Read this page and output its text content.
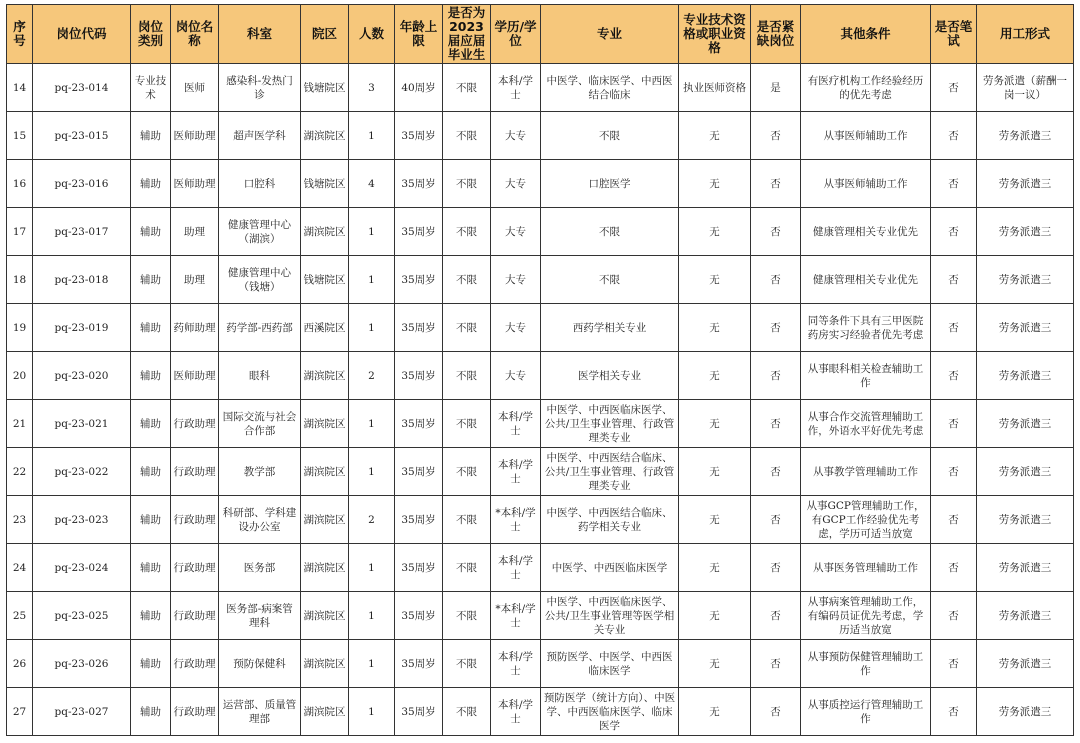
序号	岗位代码	岗位类别	岗位名称	科室	院区	人数	年龄上限	是否为2023届应届毕业生	学历/学位	专业	专业技术资格或职业资格	是否紧缺岗位	其他条件	是否笔试	用工形式
14	pq-23-014	专业技术	医师	感染科-发热门诊	钱塘院区	3	40周岁	不限	本科/学士	中医学、临床医学、中西医结合临床	执业医师资格	是	有医疗机构工作经验经历的优先考虑	否	劳务派遣（薪酬一岗一议）
15	pq-23-015	辅助	医师助理	超声医学科	湖滨院区	1	35周岁	不限	大专	不限	无	否	从事医师辅助工作	否	劳务派遣三
16	pq-23-016	辅助	医师助理	口腔科	钱塘院区	4	35周岁	不限	大专	口腔医学	无	否	从事医师辅助工作	否	劳务派遣三
17	pq-23-017	辅助	助理	健康管理中心（湖滨）	湖滨院区	1	35周岁	不限	大专	不限	无	否	健康管理相关专业优先	否	劳务派遣三
18	pq-23-018	辅助	助理	健康管理中心（钱塘）	钱塘院区	1	35周岁	不限	大专	不限	无	否	健康管理相关专业优先	否	劳务派遣三
19	pq-23-019	辅助	药师助理	药学部-西药部	西溪院区	1	35周岁	不限	大专	西药学相关专业	无	否	同等条件下具有三甲医院药房实习经验者优先考虑	否	劳务派遣三
20	pq-23-020	辅助	医师助理	眼科	湖滨院区	2	35周岁	不限	大专	医学相关专业	无	否	从事眼科相关检查辅助工作	否	劳务派遣三
21	pq-23-021	辅助	行政助理	国际交流与社会合作部	湖滨院区	1	35周岁	不限	本科/学士	中医学、中西医临床医学、公共/卫生事业管理、行政管理类专业	无	否	从事合作交流管理辅助工作，外语水平好优先考虑	否	劳务派遣三
22	pq-23-022	辅助	行政助理	教学部	湖滨院区	1	35周岁	不限	本科/学士	中医学、中西医结合临床、公共/卫生事业管理、行政管理类专业	无	否	从事教学管理辅助工作	否	劳务派遣三
23	pq-23-023	辅助	行政助理	科研部、学科建设办公室	湖滨院区	2	35周岁	不限	*本科/学士	中医学、中西医结合临床、药学相关专业	无	否	从事GCP管理辅助工作，有GCP工作经验优先考虑，学历可适当放宽	否	劳务派遣三
24	pq-23-024	辅助	行政助理	医务部	湖滨院区	1	35周岁	不限	本科/学士	中医学、中西医临床医学	无	否	从事医务管理辅助工作	否	劳务派遣三
25	pq-23-025	辅助	行政助理	医务部-病案管理科	湖滨院区	1	35周岁	不限	*本科/学士	中医学、中西医临床医学、公共/卫生事业管理等医学相关专业	无	否	从事病案管理辅助工作，有编码员证优先考虑，学历适当放宽	否	劳务派遣三
26	pq-23-026	辅助	行政助理	预防保健科	湖滨院区	1	35周岁	不限	本科/学士	预防医学、中医学、中西医临床医学	无	否	从事预防保健管理辅助工作	否	劳务派遣三
27	pq-23-027	辅助	行政助理	运营部、质量管理部	湖滨院区	1	35周岁	不限	本科/学士	预防医学（统计方向）、中医学、中西医临床医学、临床医学	无	否	从事质控运行管理辅助工作	否	劳务派遣三
